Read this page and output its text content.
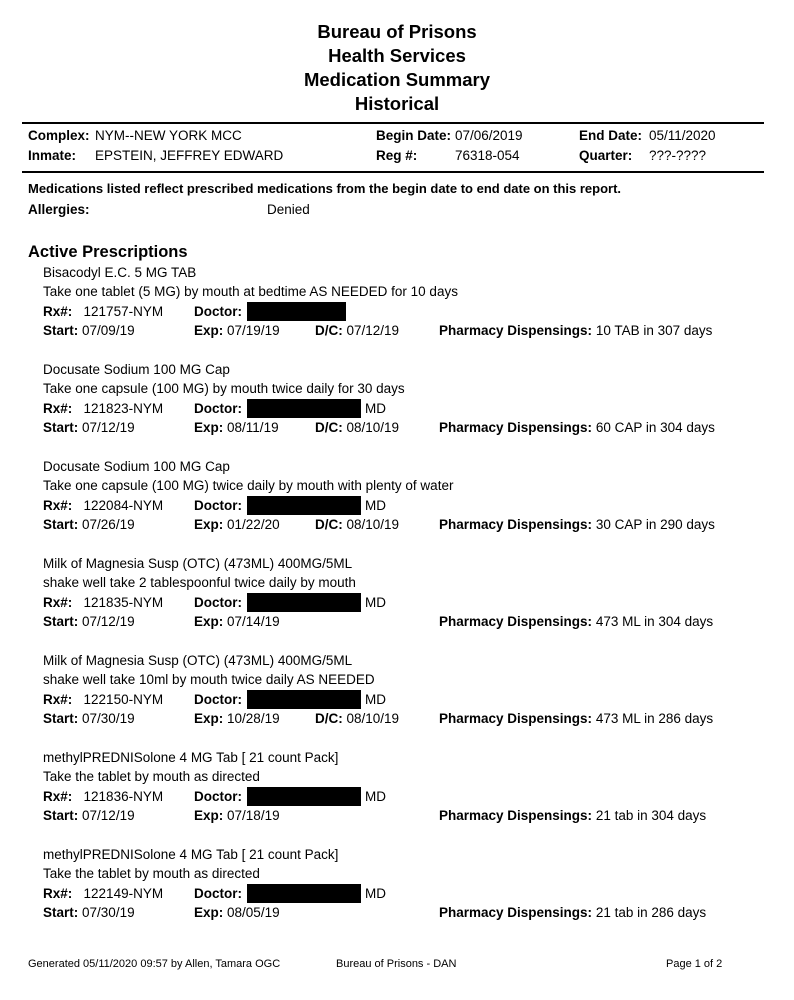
Bureau of Prisons
Health Services
Medication Summary
Historical
Complex: NYM--NEW YORK MCC
Inmate: EPSTEIN, JEFFREY EDWARD
Begin Date: 07/06/2019
Reg #:	76318-054
End Date: 05/11/2020
Quarter: ???-????
Medications listed reflect prescribed medications from the begin date to end date on this report.
Allergies:	Denied
Active Prescriptions
Bisacodyl E.C. 5 MG TAB
Take one tablet (5 MG) by mouth at bedtime AS NEEDED for 10 days
Rx#: 121757-NYM Doctor:
Start: 07/09/19	Exp: 07/19/19	D/C: 07/12/19	Pharmacy Dispensings: 10 TAB in 307 days
Docusate Sodium 100 MG Cap
Take one capsule (100 MG) by mouth twice daily for 30 days
Rx#: 121823-NYM Doctor:	MD
Start: 07/12/19	Exp: 08/11/19	D/C: 08/10/19	Pharmacy Dispensings: 60 CAP in 304 days
Docusate Sodium 100 MG Cap
Take one capsule (100 MG) twice daily by mouth with plenty of water
Rx#: 122084-NYM Doctor:	MD
Start: 07/26/19	Exp: 01/22/20	D/C: 08/10/19	Pharmacy Dispensings: 30 CAP in 290 days
Milk of Magnesia Susp (OTC) (473ML) 400MG/5ML
shake well take 2 tablespoonful twice daily by mouth
Rx#: 121835-NYM Doctor:	MD
Start: 07/12/19	Exp: 07/14/19	Pharmacy Dispensings: 473 ML in 304 days
Milk of Magnesia Susp (OTC) (473ML) 400MG/5ML
shake well take 10ml by mouth twice daily AS NEEDED
Rx#: 122150-NYM Doctor:	MD
Start: 07/30/19	Exp: 10/28/19	D/C: 08/10/19	Pharmacy Dispensings: 473 ML in 286 days
methylPREDNISolone 4 MG Tab [ 21 count Pack]
Take the tablet by mouth as directed
Rx#: 121836-NYM Doctor:	MD
Start: 07/12/19	Exp: 07/18/19	Pharmacy Dispensings: 21 tab in 304 days
methylPREDNISolone 4 MG Tab [ 21 count Pack]
Take the tablet by mouth as directed
Rx#: 122149-NYM Doctor:	MD
Start: 07/30/19	Exp: 08/05/19	Pharmacy Dispensings: 21 tab in 286 days
Generated 05/11/2020 09:57 by Allen, Tamara OGC	Bureau of Prisons - DAN	Page 1 of 2
